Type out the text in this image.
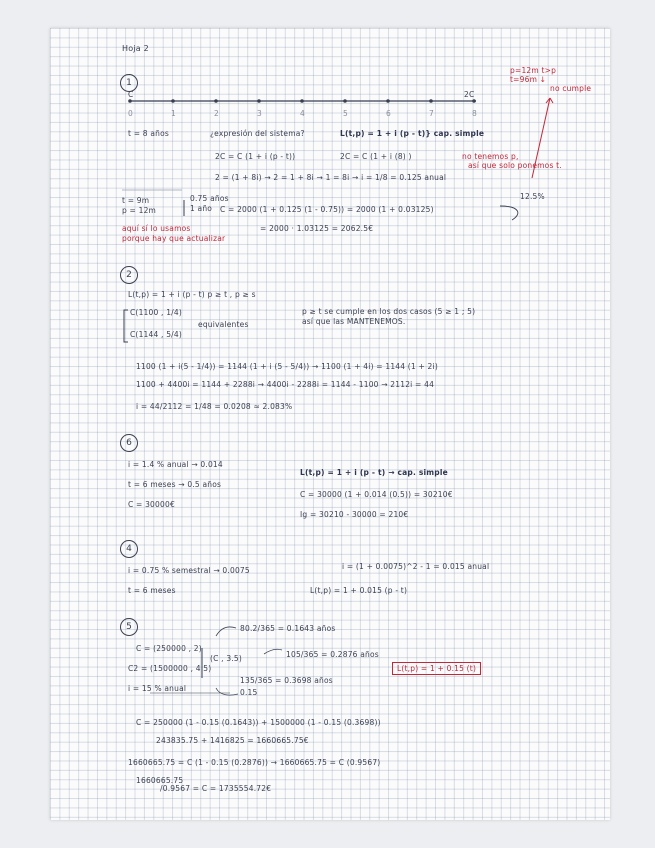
Hoja 2
1
C	2C
0	1	2	3	4	5	6	7	8
p=12m t>p
t=96m ↓
no cumple
t = 8 años	¿expresión del sistema?	L(t,p) = 1 + i (p - t)} cap. simple
2C = C (1 + i (p - t))	2C = C (1 + i (8) )	no tenemos p,
así que solo ponemos t.
2 = (1 + 8i) → 2 = 1 + 8i → 1 = 8i → i = 1/8 = 0.125 anual
12.5%
t = 9m
p = 12m
0.75 años
1 año C = 2000 (1 + 0.125 (1 - 0.75)) = 2000 (1 + 0.03125)
= 2000 · 1.03125 = 2062.5€
aquí sí lo usamos
porque hay que actualizar
2
L(t,p) = 1 + i (p - t) p ≥ t , p ≥ s
C(1100 , 1/4)
C(1144 , 5/4)
equivalentes
p ≥ t se cumple en los dos casos (5 ≥ 1 ; 5)
así que las MANTENEMOS.
1100 (1 + i(5 - 1/4)) = 1144 (1 + i (5 - 5/4)) → 1100 (1 + 4i) = 1144 (1 + 2i)
1100 + 4400i = 1144 + 2288i → 4400i - 2288i = 1144 - 1100 → 2112i = 44
i = 44/2112 = 1/48 = 0.0208 ≈ 2.083%
6
i = 1.4 % anual → 0.014
t = 6 meses → 0.5 años
C = 30000€
L(t,p) = 1 + i (p - t) → cap. simple
C = 30000 (1 + 0.014 (0.5)) = 30210€
Ig = 30210 - 30000 = 210€
4
i = 0.75 % semestral → 0.0075
t = 6 meses
i = (1 + 0.0075)^2 - 1 = 0.015 anual
L(t,p) = 1 + 0.015 (p - t)
5
C = (250000 , 2)
C2 = (1500000 , 4.5)
i = 15 % anual	0.15
(C , 3.5)
80.2/365 = 0.1643 años
105/365 = 0.2876 años
135/365 = 0.3698 años
L(t,p) = 1 + 0.15 (t)
C = 250000 (1 - 0.15 (0.1643)) + 1500000 (1 - 0.15 (0.3698))
243835.75 + 1416825 = 1660665.75€
1660665.75 = C (1 - 0.15 (0.2876)) → 1660665.75 = C (0.9567)
1660665.75
/0.9567 = C = 1735554.72€
